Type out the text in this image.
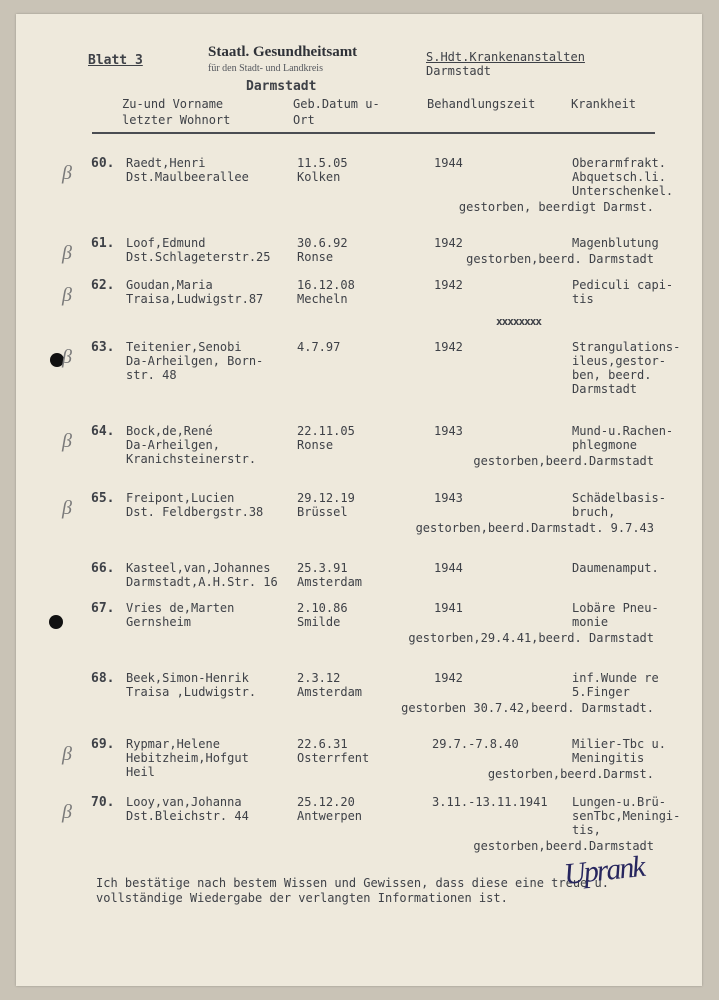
Blatt 3
Staatl. Gesundheitsamt
für den Stadt- und Landkreis
Darmstadt
S.Hdt.Krankenanstalten
Darmstadt
Zu-und Vorname
letzter Wohnort
Geb.Datum u-
Ort
Behandlungszeit	Krankheit
β 60. Raedt,Henri
Dst.Maulbeerallee
11.5.05
Kolken
1944	Oberarmfrakt.
Abquetsch.li.
Unterschenkel.
gestorben, beerdigt Darmst.
β 61. Loof,Edmund
Dst.Schlageterstr.25
30.6.92
Ronse
1942	Magenblutung
gestorben,beerd. Darmstadt
β 62. Goudan,Maria
Traisa,Ludwigstr.87
16.12.08
Mecheln
1942	Pediculi capi-
tis
β 63. Teitenier,Senobi
Da-Arheilgen, Born-
str. 48
4.7.97	1942	Strangulations-
ileus,gestor-
ben, beerd.
Darmstadt
β 64. Bock,de,René
Da-Arheilgen,
Kranichsteinerstr.
22.11.05
Ronse
1943	Mund-u.Rachen-
phlegmone
gestorben,beerd.Darmstadt
β 65. Freipont,Lucien
Dst. Feldbergstr.38
29.12.19
Brüssel
1943	Schädelbasis-
bruch,
gestorben,beerd.Darmstadt. 9.7.43
66. Kasteel,van,Johannes
Darmstadt,A.H.Str. 16
25.3.91
Amsterdam
1944	Daumenamput.
67. Vries de,Marten
Gernsheim
2.10.86
Smilde
1941	Lobäre Pneu-
monie
gestorben,29.4.41,beerd. Darmstadt
68. Beek,Simon-Henrik
Traisa ,Ludwigstr.
2.3.12
Amsterdam
1942	inf.Wunde re
5.Finger
gestorben 30.7.42,beerd. Darmstadt.
β 69. Rypmar,Helene
Hebitzheim,Hofgut
Heil
22.6.31
Osterrfent
29.7.-7.8.40	Milier-Tbc u.
Meningitis
gestorben,beerd.Darmst.
β 70. Looy,van,Johanna
Dst.Bleichstr. 44
25.12.20
Antwerpen
3.11.-13.11.1941 Lungen-u.Brü-
senTbc,Meningi-
tis,
gestorben,beerd.Darmstadt
xxxxxxxx
Ich bestätige nach bestem Wissen und Gewissen, dass diese eine treue u.
vollständige Wiedergabe der verlangten Informationen ist.
Uprank
